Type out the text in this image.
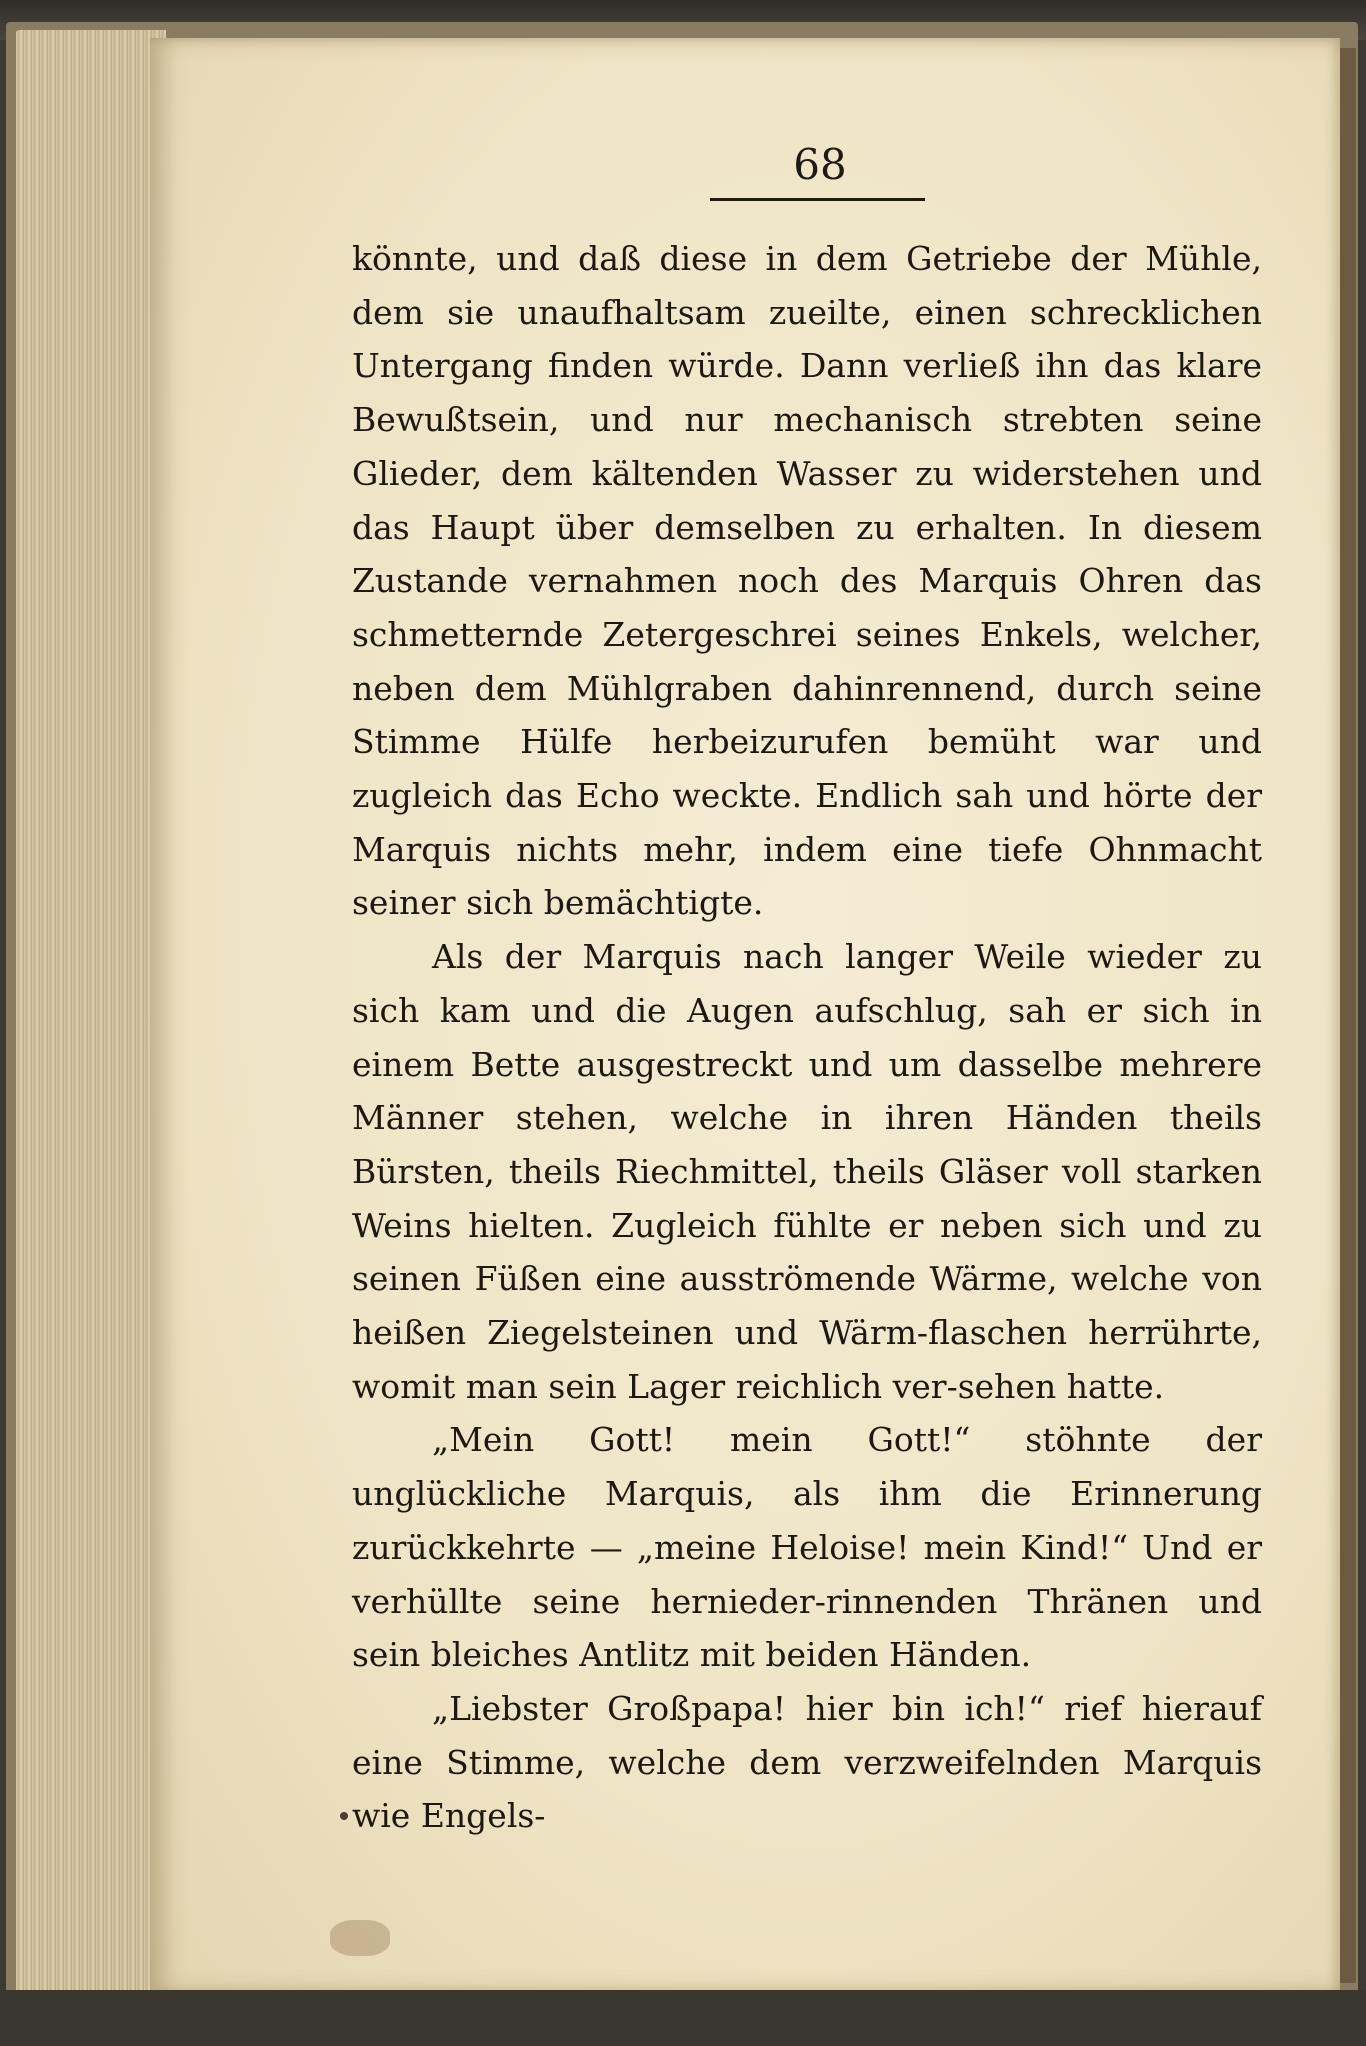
68

könnte, und daß diese in dem Getriebe der Mühle, dem sie unaufhaltsam zueilte, einen schrecklichen Untergang finden würde. Dann verließ ihn das klare Bewußtsein, und nur mechanisch strebten seine Glieder, dem kältenden Wasser zu widerstehen und das Haupt über demselben zu erhalten. In diesem Zustande vernahmen noch des Marquis Ohren das schmetternde Zetergeschrei seines Enkels, welcher, neben dem Mühlgraben dahinrennend, durch seine Stimme Hülfe herbeizurufen bemüht war und zugleich das Echo weckte. Endlich sah und hörte der Marquis nichts mehr, indem eine tiefe Ohnmacht seiner sich bemächtigte.

Als der Marquis nach langer Weile wieder zu sich kam und die Augen aufschlug, sah er sich in einem Bette ausgestreckt und um dasselbe mehrere Männer stehen, welche in ihren Händen theils Bürsten, theils Riechmittel, theils Gläser voll starken Weins hielten. Zugleich fühlte er neben sich und zu seinen Füßen eine ausströmende Wärme, welche von heißen Ziegelsteinen und Wärm-flaschen herrührte, womit man sein Lager reichlich ver-sehen hatte.

„Mein Gott! mein Gott!“ stöhnte der unglückliche Marquis, als ihm die Erinnerung zurückkehrte — „meine Heloise! mein Kind!“ Und er verhüllte seine hernieder-rinnenden Thränen und sein bleiches Antlitz mit beiden Händen.

„Liebster Großpapa! hier bin ich!“ rief hierauf eine Stimme, welche dem verzweifelnden Marquis wie Engels-
